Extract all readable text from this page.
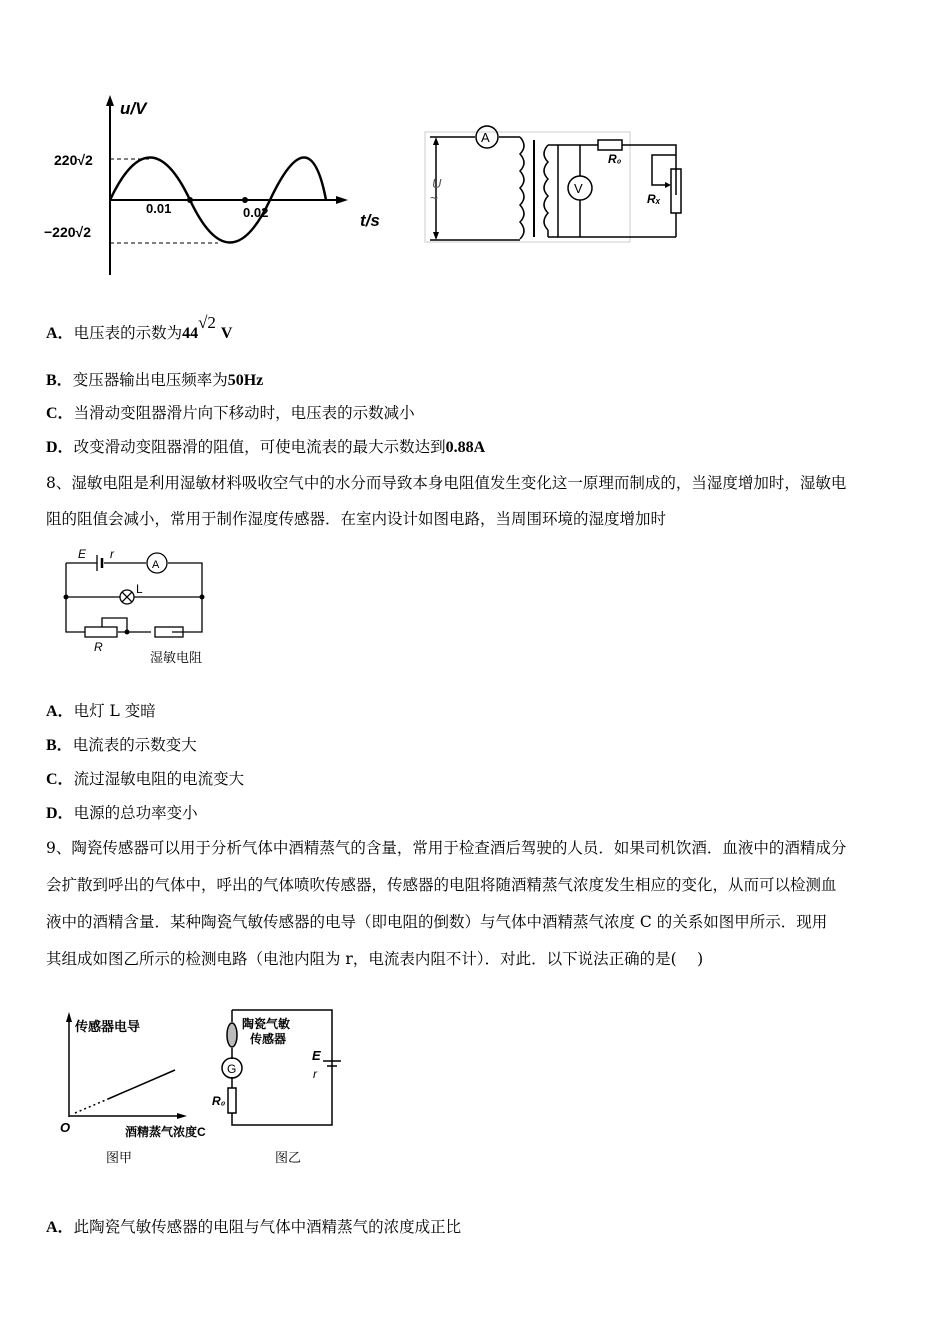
u/V
t/s
220√2
−220√2
0.01	0.02
A
V
U
~
R₀
Rₓ
A．电压表的示数为44√2 V
B．变压器输出电压频率为50Hz
C．当滑动变阻器滑片向下移动时，电压表的示数减小
D．改变滑动变阻器滑的阻值，可使电流表的最大示数达到0.88A
8、湿敏电阻是利用湿敏材料吸收空气中的水分而导致本身电阻值发生变化这一原理而制成的，当湿度增加时，湿敏电
阻的阻值会减小，常用于制作湿度传感器．在室内设计如图电路，当周围环境的湿度增加时
E r
A
L
R
湿敏电阻
A．电灯 L 变暗
B．电流表的示数变大
C．流过湿敏电阻的电流变大
D．电源的总功率变小
9、陶瓷传感器可以用于分析气体中酒精蒸气的含量，常用于检查酒后驾驶的人员．如果司机饮酒．血液中的酒精成分
会扩散到呼出的气体中，呼出的气体喷吹传感器，传感器的电阻将随酒精蒸气浓度发生相应的变化，从而可以检测血
液中的酒精含量．某种陶瓷气敏传感器的电导（即电阻的倒数）与气体中酒精蒸气浓度 C 的关系如图甲所示．现用
其组成如图乙所示的检测电路（电池内阻为 r，电流表内阻不计）．对此．以下说法正确的是(　 )
传感器电导
酒精蒸气浓度C
O
图甲
陶瓷气敏
传感器
G
R₀
E
r
图乙
A．此陶瓷气敏传感器的电阻与气体中酒精蒸气的浓度成正比
